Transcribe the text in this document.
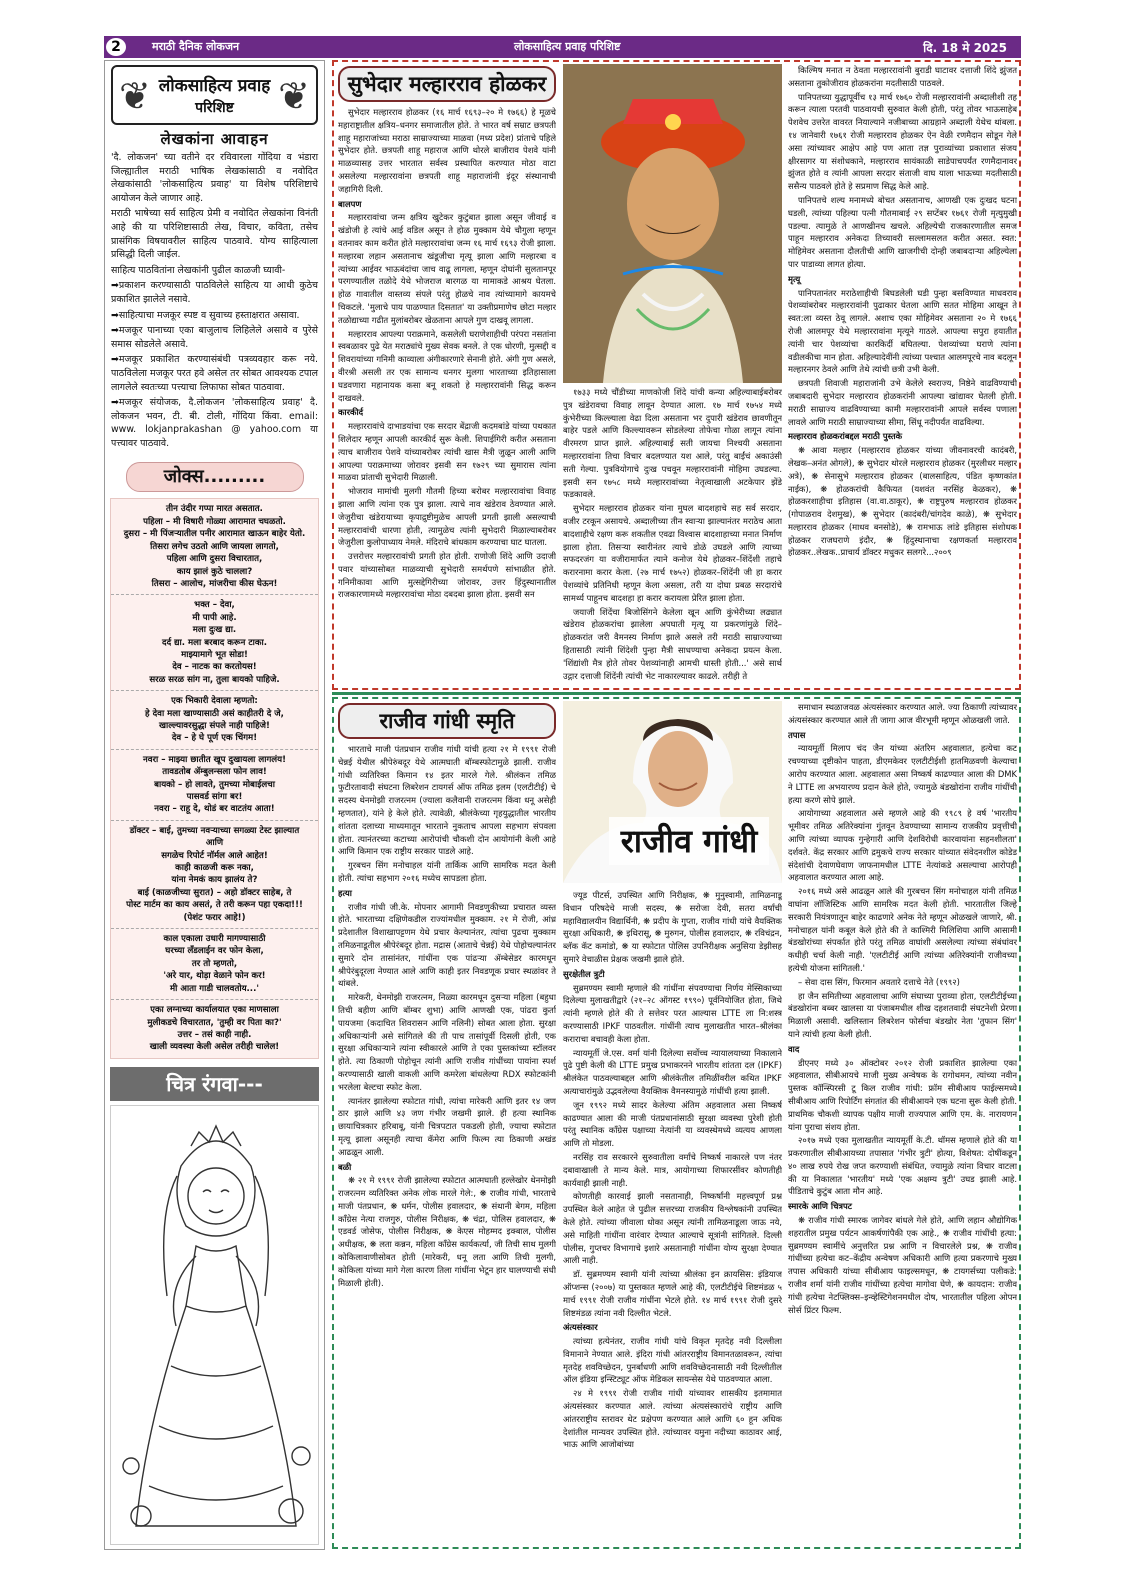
2	मराठी दैनिक लोकजन	लोकसाहित्य प्रवाह परिशिष्ट	दि. 18 मे 2025
❦	❦
लोकसाहित्य प्रवाह
परिशिष्ट
लेखकांना आवाहन

'दै. लोकजन' च्या वतीने दर रविवारला गोंदिया व भंडारा जिल्ह्यातील मराठी भाषिक लेखकांसाठी व नवोदित लेखकांसाठी 'लोकसाहित्य प्रवाह' या विशेष परिशिष्टाचे आयोजन केले जाणार आहे.

मराठी भाषेच्या सर्व साहित्य प्रेमी व नवोदित लेखकांना विनंती आहे की या परिशिष्टासाठी लेख, विचार, कविता, तसेच प्रासंगिक विषयावरील साहित्य पाठवावे. योग्य साहित्याला प्रसिद्धी दिली जाईल.

साहित्य पाठवितांना लेखकांनी पुढील काळजी घ्यावी-

➡ प्रकाशन करण्यासाठी पाठविलेले साहित्य या आधी कुठेच प्रकाशित झालेले नसावे.

➡ साहित्याचा मजकूर स्पष्ट व सुवाच्य हस्ताक्षरात असावा.

➡ मजकूर पानाच्या एका बाजुलाच लिहिलेले असावे व पुरेसे समास सोडलेले असावे.

➡ मजकूर प्रकाशित करण्यासंबंधी पत्रव्यवहार करू नये. पाठविलेला मजकूर परत हवे असेल तर सोबत आवश्यक टपाल लागलेले स्वतःच्या पत्त्याचा लिफाफा सोबत पाठवावा.

➡ मजकूर संयोजक, दै.लोकजन 'लोकसाहित्य प्रवाह' दै. लोकजन भवन, टी. बी. टोली, गोंदिया किंवा. email: www. lokjanprakashan @ yahoo.com या पत्त्यावर पाठवावे.

जोक्स.........
तीन उंदीर गप्पा मारत असतात.
पहिला – मी विषारी गोळ्या आरामात चघळतो.
दुसरा – मी पिंजऱ्यातील पनीर आरामात खाऊन बाहेर येतो.
तिसरा लगेच उठतो आणि जायला लागतो,
पहिला आणि दुसरा विचारतात,
काय झालं कुठे चालला?
तिसरा – आलोच, मांजरीचा कीस घेऊन!
भक्त – देवा,
मी पापी आहे.
मला दुःख द्या.
दर्द द्या. मला बरबाद करून टाका.
माझ्यामागे भूत सोडा!
देव – नाटक का करतोयस!
सरळ सरळ सांग ना, तुला बायको पाहिजे.
एक भिकारी देवाला म्हणतो:
हे देवा मला खाण्यासाठी असं काहीतरी दे जे,
खाल्ल्यावरसुद्धा संपले नाही पाहिजे!
देव – हे घे पूर्ण एक चिंगम!
नवरा – माझ्या छातीत खूप दुखायला लागलंय!
तावडतोब ॲम्बुलन्सला फोन लाव!
बायको – हो लावते, तुमच्या मोबाईलचा
पासवर्ड सांगा बर!
नवरा – राहू दे, थोडं बर वाटतंय आता!
डॉक्टर – बाई, तुमच्या नवऱ्याच्या सगळ्या टेस्ट झाल्यात
आणि
सगळेच रिपोर्ट नॉर्मल आले आहेत!
काही काळजी करू नका,
यांना नेमकं काय झालंय ते?
बाई (काळजीच्या सुरात) – अहो डॉक्टर साहेब, ते
पोस्ट मार्टम का काय असतं, ते तरी करून पहा एकदा!!!
(पेशंट फरार आहे!)
काल एकाला उधारी मागण्यासाठी
घरच्या लॅंडलाईन वर फोन केला,
तर तो म्हणतो,
'अरे यार, थोड़ा वेळाने फोन कर!
मी आता गाडी चालवतोय...'
एका लग्नाच्या कार्यालयात एका माणसाला
मुलीकडचे विचारतात, 'तुम्ही वर पिता का?'
उत्तर – तसं काही नाही.
खाली व्यवस्था केली असेल तरीही चालेल!
चित्र रंगवा---
सुभेदार मल्हारराव होळकर

सुभेदार मल्हारराव होळकर (१६ मार्च १६९३–२० मे १७६६) हे मूळचे महाराष्ट्रातील क्षत्रिय–धनगर समाजातील होते. ते भारत वर्ष सम्राट छत्रपती शाहू महाराजांच्या मराठा साम्राज्याच्या माळवा (मध्य प्रदेश) प्रांताचे पहिले सुभेदार होते. छत्रपती शाहू महाराज आणि थोरले बाजीराव पेशवे यांनी माळव्यासह उत्तर भारतात सर्वस्व प्रस्थापित करण्यात मोठा वाटा असलेल्या मल्हाररावांना छत्रपती शाहू महाराजांनी इंदूर संस्थानाची जहागिरी दिली.

बालपण

मल्हाररावांचा जन्म क्षत्रिय खुटेकर कुटुंबात झाला असून जीवाई व खंडोजी हे त्यांचे आई वडिल असून ते होळ मुक्काम येथे चौगुला म्हणून वतनावर काम करीत होते मल्हाररावांचा जन्म १६ मार्च १६९३ रोजी झाला. मल्हारबा लहान असतानाच खंडूजीचा मृत्यू झाला आणि मल्हारबा व त्यांच्या आईवर भाऊबंदांचा जाच वाढू लागला, म्हणून दोघांनी सुलतानपूर परगण्यातील तळोदे येथे भोजराज बारगळ या मामाकडे आश्रय घेतला. होळ गावातील वास्तव्य संपले परंतु होळचे नाव त्यांच्यामागे कायमचे चिकटले. 'मुलाचे पाय पाळण्यात दिसतात' या उक्तीप्रमाणेच छोटा मल्हार तळोद्याच्या गढीत मुलांबरोबर खेळताना आपले गुण दाखवू लागला.

मल्हारराव आपल्या पराक्रमाने, कसलेली घराणेशाहीची परंपरा नसतांना स्वबळावर पुढे येत मराठ्यांचे मुख्य सेवक बनले. ते एक धोरणी, मुत्सद्दी व शिवरायांच्या गनिमी काव्याला अंगीकारणारे सेनानी होते. अंगी गुण असले, वीरश्री असली तर एक सामान्य धनगर मुलगा भारताच्या इतिहासाला घडवणारा महानायक कसा बनू शकतो हे मल्हाररावांनी सिद्ध करून दाखवले.

कारकीर्द

मल्हाररावांचे दाभाडयांचा एक सरदार बेंद्राजी कदमबांडे यांच्या पथकात शिलेदार म्हणून आपली कारकीर्द सुरू केली. शिपाईगिरी करीत असताना त्याच बाजीराव पेशवे यांच्याबरोबर त्यांची खास मैत्री जुळून आली आणि आपल्या पराक्रमाच्या जोरावर इसवी सन १७२९ च्या सुमारास त्यांना माळवा प्रांताची सुभेदारी मिळाली.

भोजराव मामांची मुलगी गौतमी हिच्या बरोबर मल्हाररावांचा विवाह झाला आणि त्यांना एक पुत्र झाला. त्याचे नाव खंडेराव ठेवण्यात आले. जेजुरीचा खंडेरायाच्या कृपाद्रुष्टीमुळेच आपली प्रगती झाली असल्याची मल्हाररावांची धारणा होती, त्यामुळेच त्यांनी सुभेदारी मिळाल्याबरोबर जेजुरीला कुलोपाध्याय नेमले. मंदिराचे बांधकाम करण्याचा घाट घातला.

उत्तरोत्तर मल्हाररावांची प्रगती होत होती. राणोजी शिंदे आणि उदाजी पवार यांच्यासोबत माळव्याची सुभेदारी समर्थपणे सांभाळीत होते. गनिमीकावा आणि मुत्सद्देगिरीच्या जोरावर, उत्तर हिंदुस्थानातील राजकारणामध्ये मल्हाररावांचा मोठा दबदबा झाला होता. इसवी सन

१७३३ मध्ये चौंडीच्या माणकोजी शिंदे यांची कन्या अहिल्याबाईबरोबर पुत्र खंडेरावचा विवाह लावून देण्यात आला. १७ मार्च १७५४ मध्ये कुंभेरीच्या किल्ल्याला वेढा दिला असताना भर दुपारी खंडेराव छावणीतून बाहेर पडले आणि किल्ल्यावरून सोडलेल्या तोफेचा गोळा लागून त्यांना वीरमरण प्राप्त झाले. अहिल्याबाई सती जायचा निश्चयी असताना मल्हाररावांना तिचा विचार बदलण्यात यश आले, परंतु बाईंचं अकाउंसी सती गेल्या. पुत्रवियोगाचे दुःख पचवून मल्हाररावांनी मोहिमा उघडल्या. इसवी सन १७५८ मध्ये मल्हाररावांच्या नेतृत्वाखाली अटकेपार झेंडे फडकावले.

सुभेदार मल्हारराव होळकर यांना मुघल बादशहाचे सह सर्व सरदार, वजीर टरकून असायचे. अब्दालीच्या तीन स्वाऱ्या झाल्यानंतर मराठेच आता बादशाहीचे रक्षण करू शकतील एवढा विश्वास बादशाहाच्या मनात निर्माण झाला होता. तिसऱ्या स्वारीनंतर त्याचे डोळे उघडले आणि त्याच्या सफदरजंग या वजीरामार्फत त्याने कनोज येथे होळकर–शिंदेंशी तहाचे करारनामा करार केला. (२७ मार्च १७५२) होळकर–शिंदेंनी जी हा करार पेशव्यांचे प्रतिनिधी म्हणून केला असला, तरी या दोघा प्रबळ सरदारांचे सामर्थ्य पाहूनच बादशहा हा करार करायला प्रेरित झाला होता.

जयाजी शिंदेंचा बिजोसिंगने केलेला खून आणि कुंभेरीच्या लढ्यात खंडेराव होळकरांचा झालेला अपघाती मृत्यू या प्रकरणांमुळे शिंदे–होळकरांत जरी वैमनस्य निर्माण झाले असले तरी मराठी साम्राज्याच्या हितासाठी त्यांनी शिंदेशी पुन्हा मैत्री साधण्याचा अनेकदा प्रयत्न केला. 'शिंद्यांशी मैत्र होते तोवर पेशव्यांनाही आमची धास्ती होती...' असे सार्थ उद्गार दत्ताजी शिंदेंनी त्यांची भेट नाकारल्यावर काढले. तरीही ते

किल्मिष मनात न ठेवता मल्हाररावांनी बुराडी घाटावर दत्ताजी शिंदे झुंजत असताना तुकोजीराव होळकरांना मदतीसाठी पाठवले.

पानिपतच्या युद्धापूर्वीच १३ मार्च १७६० रोजी मल्हाररावांनी अब्दालीशी तह करून त्याला परतवी पाठवायची सुरुवात केली होती, परंतु तोवर भाऊसाहेब पेशवेच उत्तरेत वावरत नियाल्याने नजीबाच्या आग्रहाने अब्दाली येथेच थांबला. १४ जानेवारी १७६१ रोजी मल्हारराव होळकर ऐन वेळी रणमैदान सोडून गेले असा त्यांच्यावर आक्षेप आहे पण आता तज्ञ पुराव्यांच्या प्रकाशात संजय क्षीरसागर या संशोधकाने, मल्हारराव सायंकाळी साडेपाचपर्यंत रणमैदानावर झुंजत होते व त्यांनी आपला सरदार संताजी वाघ याला भाऊच्या मदतीसाठी ससैन्य पाठवले होते हे सप्रमाण सिद्ध केले आहे.

पानिपतचे शल्य मनामध्ये बोचत असतानाच, आणखी एक दुःखद घटना घडली, त्यांच्या पहिल्या पत्नी गौतमाबाई २९ सप्टेंबर १७६१ रोजी मृत्युमुखी पडल्या. त्यामुळे ते आणखीनच खचले. अहिल्येची राजकारणातील समज पाहून मल्हारराव अनेकदा तिच्यावरी सल्लामसलत करीत असत. स्वत: मोहिमेवर असताना दौलतीची आणि खाजगीची दोन्ही जबाबदाऱ्या अहिल्येला पार पाडाव्या लागत होत्या.

मृत्यू

पानिपतानंतर मराठेशाहीची बिघडलेली घडी पुन्हा बसविण्यात माधवराव पेशव्यांबरोबर मल्हाररावांनी पुढाकार घेतला आणि सतत मोहिमा आखून ते स्वत:ला व्यस्त ठेवू लागले. अशाच एका मोहिमेवर असताना २० मे १७६६ रोजी आलमपूर येथे मल्हाररावांना मृत्यूने गाठले. आपल्या सपुरा हयातीत त्यांनी चार पेशव्यांचा कारकिर्दी बघितल्या. पेशव्यांच्या घराणे त्यांना वडीलकीचा मान होता. अहिल्यादेवींनी त्यांच्या पश्चात आलमपूरचे नाव बदलून मल्हारनगर ठेवले आणि तेथे त्यांची छत्री उभी केली.

छत्रपती शिवाजी महाराजांनी उभे केलेले स्वराज्य, निष्ठेने वाढविण्याची जबाबदारी सुभेदार मल्हारराव होळकरांनी आपल्या खांद्यावर घेतली होती. मराठी साम्राज्य वाढविण्याच्या कामी मल्हाररावांनी आपले सर्वस्व पणाला लावले आणि मराठी साम्राज्याच्या सीमा, सिंधू नदीपर्यंत वाढविल्या.

मल्हारराव होळकरांबद्दल मराठी पुस्तके

❋ आवा मल्हार (मल्हारराव होळकर यांच्या जीवनावरची कादंबरी, लेखक–अनंत ओगले), ❋ सुभेदार थोरले मल्हारराव होळकर (मुरलीधर मल्हार अत्रे), ❋ सेनासुभे मल्हारराव होळकर (बालसाहित्य, पंडित कृष्णकांत नाईक), ❋ होळकरांची कैफियत (यशवंत नरसिंह केळकर), ❋ होळकरशाहीचा इतिहास (वा.वा.ठाकूर), ❋ राष्ट्रपुरुष मल्हारराव होळकर (गोपाळराव देशमुख), ❋ सुभेदार (कादंबरी/चांगदेव काळे), ❋ सुभेदार मल्हारराव होळकर (माधव बनसोडे), ❋ रामभाऊ लांडे इतिहास संशोधक होळकर राजघराणे इंदौर, ❋ हिंदुस्थानाचा रक्षणकर्ता मल्हारराव होळकर..लेखक..प्राचार्य डॉक्टर मधुकर सलगरे...२००९

राजीव गांधी स्मृति

भारताचे माजी पंतप्रधान राजीव गांधी यांची हत्या २१ मे १९९१ रोजी चेन्नई येथील श्रीपेरुंबदूर येथे आत्मघाती बॉम्बस्फोटामुळे झाली. राजीव गांधी व्यतिरिक्त किमान १४ इतर मारले गेले. श्रीलंकन तमिळ फुटीरतावादी संघटना लिबरेशन टायगर्स ऑफ तमिळ इलम (एलटीटीई) चे सदस्य थेनमोझी राजरत्नम (ज्याला कलैवानी राजरत्नम किंवा धनू असेही म्हणतात), यांने हे केले होते. त्यावेळी, श्रीलंकेच्या गृहयुद्धातील भारतीय शांतता दलाच्या माध्यमातून भारताने नुकताच आपला सहभाग संपवला होता. त्यानंतरच्या कटाच्या आरोपांची चौकशी दोन आयोगांनी केली आहे आणि किमान एक राष्ट्रीय सरकार पाडले आहे.

गुरबचन सिंग मनोचाहल यांनी तार्किक आणि सामरिक मदत केली होती. त्यांचा सहभाग २०१६ मध्येच सापडला होता.

हत्या

राजीव गांधी जी.के. मोपनार आगामी निवडणुकीच्या प्रचारात व्यस्त होते. भारताच्या दक्षिणेकडील राज्यांमधील मुक्काम. २१ मे रोजी, आंध्र प्रदेशातील विशाखापट्टणम येथे प्रचार केल्यानंतर, त्यांचा पुढचा मुक्काम तमिळनाडूतील श्रीपेरंबदूर होता. मद्रास (आताचे चेन्नई) येथे पोहोचल्यानंतर सुमारे दोन तासांनंतर, गांधींना एक पांढऱ्या ॲम्बेसेडर कारमधून श्रीपेरंबुदूरला नेण्यात आले आणि काही इतर निवडणूक प्रचार स्थळांवर ते थांबले.

मारेकरी, थेनमोझी राजरत्नम, निळ्या कारमधून दुसऱ्या महिला (बहुधा तिची बहीण आणि बॉम्बर शुभा) आणि आणखी एक, पांढरा कुर्ता पायजमा (कदाचित शिवरासन आणि नलिनी) सोबत आला होता. सुरक्षा अधिकाऱ्यांनी असे सांगितले की ती पाच तासांपूर्वी दिसली होती, एक सुरक्षा अधिकाऱ्याने त्यांना स्वीकारले आणि ते एका पुस्तकांच्या स्टॉलवर होते. त्या ठिकाणी पोहोचून त्यांनी आणि राजीव गांधींच्या पायांना स्पर्श करण्यासाठी खाली वाकली आणि कमरेला बांधलेल्या RDX स्फोटकांनी भरलेला बेल्टचा स्फोट केला.

त्यानंतर झालेल्या स्फोटात गांधी, त्यांचा मारेकरी आणि इतर १४ जण ठार झाले आणि ४३ जण गंभीर जखमी झाले. ही हत्या स्थानिक छायाचित्रकार हरिबाबू, यांनी चित्रपटात पकडली होती, ज्याचा स्फोटात मृत्यू झाला असूनही त्याचा कॅमेरा आणि फिल्म त्या ठिकाणी अखंड आढळून आली.

बळी

❋ २१ मे १९९१ रोजी झालेल्या स्फोटात आत्मघाती हल्लेखोर थेनमोझी राजरत्नम व्यतिरिक्त अनेक लोक मारले गेले:, ❋ राजीव गांधी, भारताचे माजी पंतप्रधान, ❋ धर्मन, पोलीस हवालदार, ❋ संथानी बेगम, महिला काँग्रेस नेत्या राजगुरु, पोलीस निरीक्षक, ❋ चंद्रा, पोलिस हवालदार, ❋ एडवर्ड जोसेफ, पोलीस निरीक्षक, ❋ केएस मोहम्मद इक्बाल, पोलीस अधीक्षक, ❋ लता कन्नन, महिला काँग्रेस कार्यकर्त्या, जी तिची साथ मुलगी कोकिलावाणीसोबत होती (मारेकरी, धनू लता आणि तिची मुलगी, कोकिला यांच्या मागे गेला कारण तिला गांधींना भेटून हार घालण्याची संधी मिळाली होती).

राजीव गांधी

ज्यूड पीटर्स, उपस्थित आणि निरीक्षक, ❋ मुनुस्वामी, तामिळनाडू विधान परिषदेचे माजी सदस्य, ❋ सरोजा देवी, सतरा वर्षांची महाविद्यालयीन विद्यार्थिनी, ❋ प्रदीप के गुप्ता, राजीव गांधी यांचे वैयक्तिक सुरक्षा अधिकारी, ❋ इथिरासू, ❋ मुरुगन, पोलीस हवालदार, ❋ रविचंद्रन, ब्लॅक कॅट कमांडो, ❋ या स्फोटात पोलिस उपनिरीक्षक अनुसिया डेझीसह सुमारे वेचाळीस प्रेक्षक जखमी झाले होते.

सुरक्षेतील त्रुटी

सुब्रमण्यम स्वामी म्हणाले की गांधींना संपवण्याचा निर्णय मेस्सिकाच्या दिलेल्या मुलाखतीद्वारे (२१–२८ ऑगस्ट १९९०) पूर्वनियोजित होता, जिथे त्यांनी म्हणले होते की ते सत्तेवर परत आल्यास LTTE ला नि:शस्त्र करण्यासाठी IPKF पाठवतील. गांधींनी त्याच मुलाखतीत भारत–श्रीलंका कराराचा बचावही केला होता.

न्यायमूर्ती जे.एस. वर्मा यांनी दिलेल्या सर्वोच्च न्यायालयाच्या निकालाने पुढे पुष्टी केली की LTTE प्रमुख प्रभाकरनने भारतीय शांतता दल (IPKF) श्रीलंकेत पाठवल्याबद्दल आणि श्रीलंकेतील तमिळींवरील कथित IPKF अत्याचारांमुळे उद्भवलेल्या वैयक्तिक वैमनस्यामुळे गांधींची हत्या झाली.

जून १९९२ मध्ये सादर केलेल्या अंतिम अहवालात असा निष्कर्ष काढण्यात आला की माजी पंतप्रधानांसाठी सुरक्षा व्यवस्था पुरेशी होती परंतु स्थानिक काँग्रेस पक्षाच्या नेत्यांनी या व्यवस्थेमध्ये व्यत्यय आणला आणि तो मोडला.

नरसिंह राव सरकारने सुरुवातीला वर्मांचे निष्कर्ष नाकारले पण नंतर दबावाखाली ते मान्य केले. मात्र, आयोगाच्या शिफारसींवर कोणतीही कार्यवाही झाली नाही.

कोणतीही कारवाई झाली नसतानाही, निष्कर्षांनी महत्त्वपूर्ण प्रश्न उपस्थित केले आहेत जे पुढील सत्तरच्या राजकीय विश्लेषकांनी उपस्थित केले होते. त्यांच्या जीवाला धोका असून त्यांनी तामिळनाडूला जाऊ नये, असे माहिती गांधींना वारंवार देण्यात आल्याचे सूत्रांनी सांगितले. दिल्ली पोलीस, गुप्तचर विभागाचे इशारे असतानाही गांधींना योग्य सुरक्षा देण्यात आली नाही.

डॉ. सुब्रमण्यम स्वामी यांनी त्यांच्या श्रीलंका इन क्रायसिस: इंडियाज ऑप्शन्स (२००७) या पुस्तकात म्हणले आहे की, एलटीटीईचे शिष्टमंडळ ५ मार्च १९९१ रोजी राजीव गांधींना भेटले होते. १४ मार्च १९९१ रोजी दुसरे शिष्टमंडळ त्यांना नवी दिल्लीत भेटले.

अंत्यसंस्कार

त्यांच्या हत्येनंतर, राजीव गांधी यांचे विकृत मृतदेह नवी दिल्लीला विमानाने नेण्यात आले. इंदिरा गांधी आंतरराष्ट्रीय विमानतळावरून, त्यांचा मृतदेह शवविच्छेदन, पुनर्बांधणी आणि शवविच्छेदनासाठी नवी दिल्लीतील ऑल इंडिया इन्स्टिट्यूट ऑफ मेडिकल सायन्सेस येथे पाठवण्यात आला.

२४ मे १९९१ रोजी राजीव गांधी यांच्यावर शासकीय इतमामात अंत्यसंस्कार करण्यात आले. त्यांच्या अंत्यसंस्कारांचे राष्ट्रीय आणि आंतरराष्ट्रीय स्तरावर थेट प्रक्षेपण करण्यात आले आणि ६० हून अधिक देशांतील मान्यवर उपस्थित होते. त्यांच्यावर यमुना नदीच्या काठावर आई, भाऊ आणि आजोबांच्या

समाधान स्थळाजवळ अंत्यसंस्कार करण्यात आले. ज्या ठिकाणी त्यांच्यावर अंत्यसंस्कार करण्यात आले ती जागा आज वीरभूमी म्हणून ओळखली जाते.

तपास

न्यायमूर्ती मिलाप चंद जैन यांच्या अंतरिम अहवालात, हत्येचा कट रचण्याच्या दृष्टीकोन पाहता, डीएमकेवर एलटीटीईशी हातमिळवणी केल्याचा आरोप करण्यात आला. अहवालात असा निष्कर्ष काढण्यात आला की DMK ने LTTE ला अभयारण्य प्रदान केले होते, ज्यामुळे बंडखोरांना राजीव गांधींची हत्या करणे सोपे झाले.

आयोगाच्या अहवालात असे म्हणले आहे की १९८९ हे वर्ष 'भारतीय भूमीवर तमिळ अतिरेक्यांना गुंतवून ठेवण्याच्या सामान्य राजकीय प्रवृत्तीची आणि त्यांच्या व्यापक गुन्हेगारी आणि देशविरोधी कारवायांना सहनशीलता' दर्शवते. केंद्र सरकार आणि द्रमुकचे राज्य सरकार यांच्यात संवेदनशील कोडेड संदेशांची देवाणघेवाण जाफनामधील LTTE नेत्यांकडे असल्याचा आरोपही अहवालात करण्यात आला आहे.

२०१६ मध्ये असे आढळून आले की गुरबचन सिंग मनोचाहल यांनी तमिळ वाघांना लॉजिस्टिक आणि सामरिक मदत केली होती. भारतातील जिल्हे सरकारी नियंत्रणातून बाहेर काढणारे अनेक नेते म्हणून ओळखले जाणारे, श्री. मनोचाहल यांनी कबूल केले होते की ते काश्मिरी मिलिशिया आणि आसामी बंडखोरांच्या संपर्कात होते परंतु तमिळ वाघांशी असलेल्या त्यांच्या संबंधांवर कधीही चर्चा केली नाही. 'एलटीटीई आणि त्यांच्या अतिरेक्यांनी राजीवच्या हत्येची योजना सांगितली.'

– सेवा दास सिंग, फिरमान अवतारे दत्ताचे नेते (१९९२)

हा जैन समितीच्या अहवालाचा आणि संघाच्या पुराव्या होता, एलटीटीईच्या बंडखोरांना बब्बर खालसा या पंजाबमधील शीख दहशतवादी संघटनेशी प्रेरणा मिळाली असावी. खलिस्तान लिबरेशन फोर्सचा बंडखोर नेता 'तुफान सिंग' याने त्यांची हत्या केली होती.

वाद

डीएनए मध्ये ३० ऑक्टोबर २०१२ रोजी प्रकाशित झालेल्या एका अहवालात, सीबीआयचे माजी मुख्य अन्वेषक के रागोथमन, त्यांच्या नवीन पुस्तक कॉन्स्पिरसी टू किल राजीव गांधी: फ्रॉम सीबीआय फाईल्समध्ये सीबीआय आणि रिपोर्टिंग संगतांत की सीबीआयने एक घटना सुरू केली होती. प्राथमिक चौकशी व्यापक पक्षीय माजी राज्यपाल आणि एम. के. नारायणन यांना पुराचा संशय होता.

२०१७ मध्ये एका मुलाखतीत न्यायमूर्ती के.टी. थॉमस म्हणाले होते की या प्रकरणातील सीबीआयच्या तपासात 'गंभीर त्रुटी' होत्या, विशेषत: दोषींकडून ४० लाख रुपये रोख जप्त करण्याशी संबंधित, ज्यामुळे त्यांना विचार वाटला की या निकालात 'भारतीय' मध्ये 'एक अक्षम्य त्रुटी' उघड झाली आहे. पीडिताचे कुटुंब आता मौन आहे.

स्मारके आणि चित्रपट

❋ राजीव गांधी स्मारक जागेवर बांधले गेले होते, आणि लहान औद्योगिक शहरातील प्रमुख पर्यटन आकर्षणांपैकी एक आहे., ❋ राजीव गांधींची हत्या: सुब्रमण्यम स्वामींचे अनुत्तरित प्रश्न आणि न विचारलेले प्रश्न, ❋ राजीव गांधींच्या हत्येचा कट–केंद्रीय अन्वेषण अधिकारी आणि हत्या प्रकरणाचे मुख्य तपास अधिकारी यांच्या सीबीआय फाइल्समधून, ❋ टायगर्सच्या पलीकडे: राजीव शर्मा यांनी राजीव गांधींच्या हत्येचा मागोवा घेणे, ❋ कायदान: राजीव गांधी हत्येचा नेटफ्लिक्स–इन्व्हेस्टिगेशनमधील दोष, भारतातील पहिला ओपन सोर्स प्रिंटर फिल्म.
